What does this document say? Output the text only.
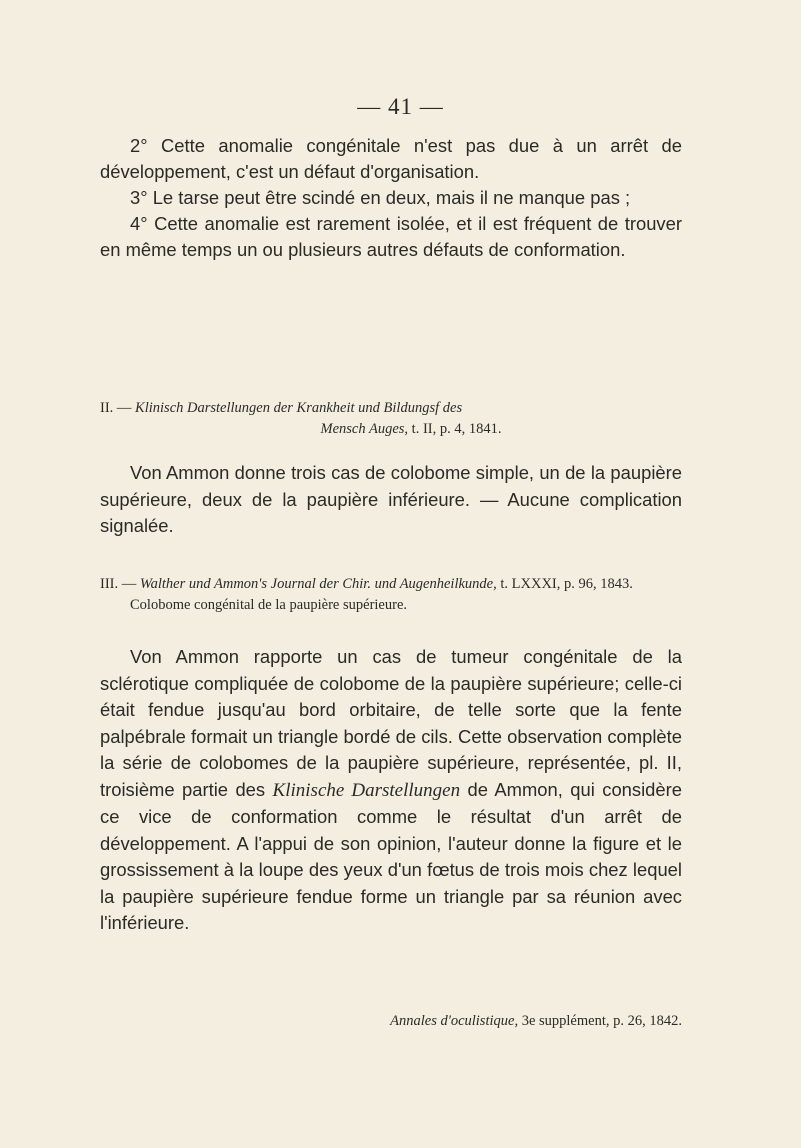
— 41 —

2° Cette anomalie congénitale n'est pas due à un arrêt de développement, c'est un défaut d'organisation.

3° Le tarse peut être scindé en deux, mais il ne manque pas ;

4° Cette anomalie est rarement isolée, et il est fréquent de trouver en même temps un ou plusieurs autres défauts de conformation.

II. — Klinisch Darstellungen der Krankheit und Bildungsf des

Mensch Auges, t. II, p. 4, 1841.

Von Ammon donne trois cas de colobome simple, un de la paupière supérieure, deux de la paupière inférieure. — Aucune complication signalée.

III. — Walther und Ammon's Journal der Chir. und Augenheilkunde, t. LXXXI, p. 96, 1843. Colobome congénital de la paupière supérieure.

Von Ammon rapporte un cas de tumeur congénitale de la sclérotique compliquée de colobome de la paupière supérieure; celle-ci était fendue jusqu'au bord orbitaire, de telle sorte que la fente palpébrale formait un triangle bordé de cils. Cette observation complète la série de colobomes de la paupière supérieure, représentée, pl. II, troisième partie des Klinische Darstellungen de Ammon, qui considère ce vice de conformation comme le résultat d'un arrêt de développement. A l'appui de son opinion, l'auteur donne la figure et le grossissement à la loupe des yeux d'un fœtus de trois mois chez lequel la paupière supérieure fendue forme un triangle par sa réunion avec l'inférieure.

Annales d'oculistique, 3e supplément, p. 26, 1842.
